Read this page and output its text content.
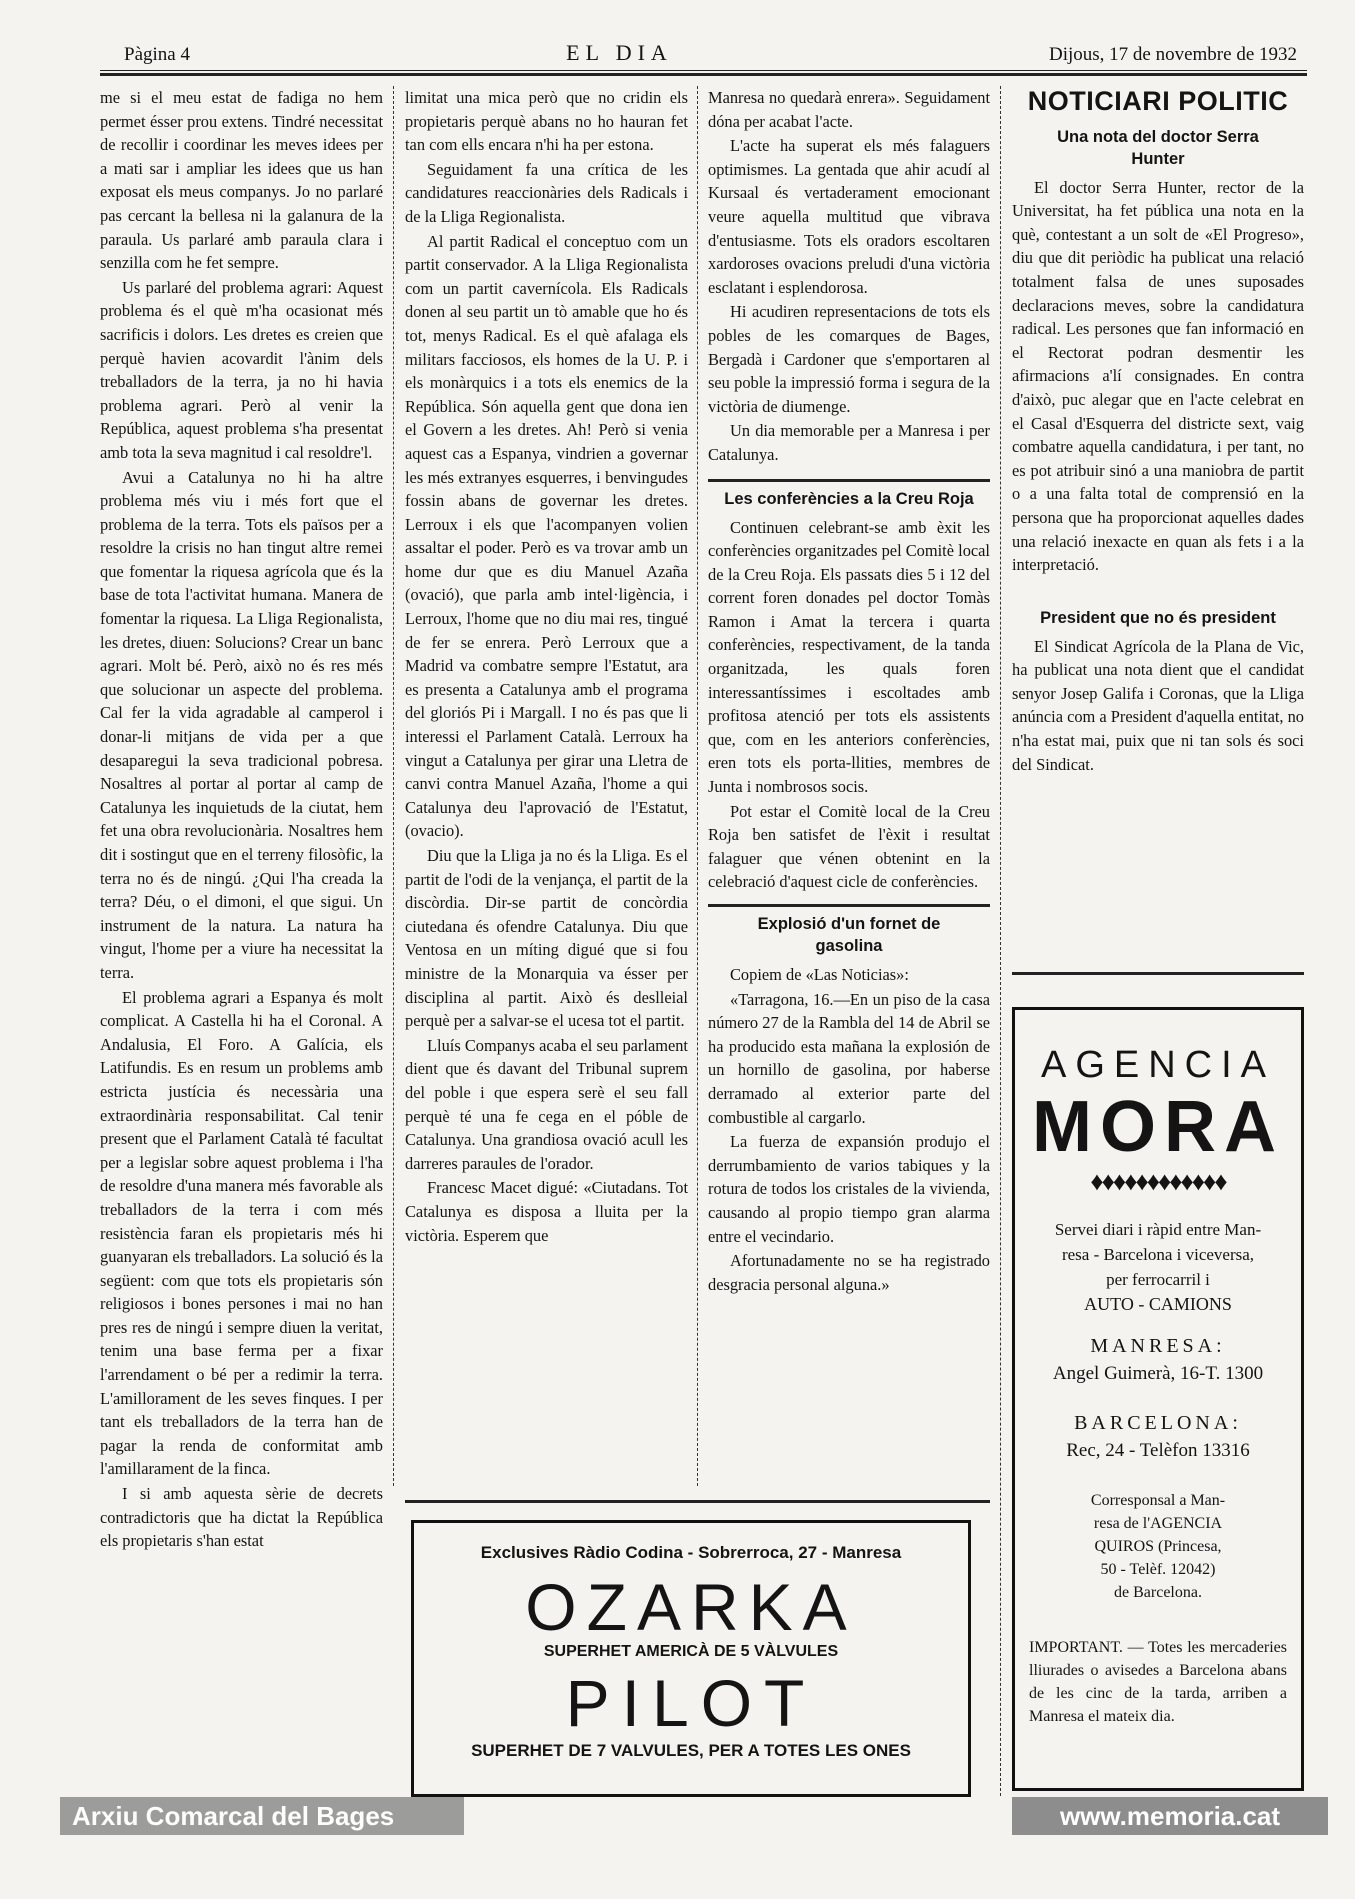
Pàgina 4	EL DIA	Dijous, 17 de novembre de 1932

me si el meu estat de fadiga no hem permet ésser prou extens. Tindré necessitat de recollir i coordinar les meves idees per a mati sar i ampliar les idees que us han exposat els meus companys. Jo no parlaré pas cercant la bellesa ni la galanura de la paraula. Us parlaré amb paraula clara i senzilla com he fet sempre.

Us parlaré del problema agrari: Aquest problema és el què m'ha ocasionat més sacrificis i dolors. Les dretes es creien que perquè havien acovardit l'ànim dels treballadors de la terra, ja no hi havia problema agrari. Però al venir la República, aquest problema s'ha presentat amb tota la seva magnitud i cal resoldre'l.

Avui a Catalunya no hi ha altre problema més viu i més fort que el problema de la terra. Tots els països per a resoldre la crisis no han tingut altre remei que fomentar la riquesa agrícola que és la base de tota l'activitat humana. Manera de fomentar la riquesa. La Lliga Regionalista, les dretes, diuen: Solucions? Crear un banc agrari. Molt bé. Però, això no és res més que solucionar un aspecte del problema. Cal fer la vida agradable al camperol i donar-li mitjans de vida per a que desaparegui la seva tradicional pobresa. Nosaltres al portar al portar al camp de Catalunya les inquietuds de la ciutat, hem fet una obra revolucionària. Nosaltres hem dit i sostingut que en el terreny filosòfic, la terra no és de ningú. ¿Qui l'ha creada la terra? Déu, o el dimoni, el que sigui. Un instrument de la natura. La natura ha vingut, l'home per a viure ha necessitat la terra.

El problema agrari a Espanya és molt complicat. A Castella hi ha el Coronal. A Andalusia, El Foro. A Galícia, els Latifundis. Es en resum un problems amb estricta justícia és necessària una extraordinària responsabilitat. Cal tenir present que el Parlament Català té facultat per a legislar sobre aquest problema i l'ha de resoldre d'una manera més favorable als treballadors de la terra i com més resistència faran els propietaris més hi guanyaran els treballadors. La solució és la següent: com que tots els propietaris són religiosos i bones persones i mai no han pres res de ningú i sempre diuen la veritat, tenim una base ferma per a fixar l'arrendament o bé per a redimir la terra. L'amillorament de les seves finques. I per tant els treballadors de la terra han de pagar la renda de conformitat amb l'amillarament de la finca.

I si amb aquesta sèrie de decrets contradictoris que ha dictat la República els propietaris s'han estat

limitat una mica però que no cridin els propietaris perquè abans no ho hauran fet tan com ells encara n'hi ha per estona.

Seguidament fa una crítica de les candidatures reaccionàries dels Radicals i de la Lliga Regionalista.

Al partit Radical el conceptuo com un partit conservador. A la Lliga Regionalista com un partit cavernícola. Els Radicals donen al seu partit un tò amable que ho és tot, menys Radical. Es el què afalaga els militars facciosos, els homes de la U. P. i els monàrquics i a tots els enemics de la República. Són aquella gent que dona ien el Govern a les dretes. Ah! Però si venia aquest cas a Espanya, vindrien a governar les més extranyes esquerres, i benvingudes fossin abans de governar les dretes. Lerroux i els que l'acompanyen volien assaltar el poder. Però es va trovar amb un home dur que es diu Manuel Azaña (ovació), que parla amb intel·ligència, i Lerroux, l'home que no diu mai res, tingué de fer se enrera. Però Lerroux que a Madrid va combatre sempre l'Estatut, ara es presenta a Catalunya amb el programa del gloriós Pi i Margall. I no és pas que li interessi el Parlament Català. Lerroux ha vingut a Catalunya per girar una Lletra de canvi contra Manuel Azaña, l'home a qui Catalunya deu l'aprovació de l'Estatut, (ovacio).

Diu que la Lliga ja no és la Lliga. Es el partit de l'odi de la venjança, el partit de la discòrdia. Dir-se partit de concòrdia ciutedana és ofendre Catalunya. Diu que Ventosa en un míting digué que si fou ministre de la Monarquia va ésser per disciplina al partit. Això és deslleial perquè per a salvar-se el ucesa tot el partit.

Lluís Companys acaba el seu parlament dient que és davant del Tribunal suprem del poble i que espera serè el seu fall perquè té una fe cega en el póble de Catalunya. Una grandiosa ovació acull les darreres paraules de l'orador.

Francesc Macet digué: «Ciutadans. Tot Catalunya es disposa a lluita per la victòria. Esperem que

Manresa no quedarà enrera». Seguidament dóna per acabat l'acte.

L'acte ha superat els més falaguers optimismes. La gentada que ahir acudí al Kursaal és vertaderament emocionant veure aquella multitud que vibrava d'entusiasme. Tots els oradors escoltaren xardoroses ovacions preludi d'una victòria esclatant i esplendorosa.

Hi acudiren representacions de tots els pobles de les comarques de Bages, Bergadà i Cardoner que s'emportaren al seu poble la impressió forma i segura de la victòria de diumenge.

Un dia memorable per a Manresa i per Catalunya.

Les conferències a la Creu Roja

Continuen celebrant-se amb èxit les conferències organitzades pel Comitè local de la Creu Roja. Els passats dies 5 i 12 del corrent foren donades pel doctor Tomàs Ramon i Amat la tercera i quarta conferències, respectivament, de la tanda organitzada, les quals foren interessantíssimes i escoltades amb profitosa atenció per tots els assistents que, com en les anteriors conferències, eren tots els porta-llities, membres de Junta i nombrosos socis.

Pot estar el Comitè local de la Creu Roja ben satisfet de l'èxit i resultat falaguer que vénen obtenint en la celebració d'aquest cicle de conferències.

Explosió d'un fornet de gasolina

Copiem de «Las Noticias»:

«Tarragona, 16.—En un piso de la casa número 27 de la Rambla del 14 de Abril se ha producido esta mañana la explosión de un hornillo de gasolina, por haberse derramado al exterior parte del combustible al cargarlo.

La fuerza de expansión produjo el derrumbamiento de varios tabiques y la rotura de todos los cristales de la vivienda, causando al propio tiempo gran alarma entre el vecindario.

Afortunadamente no se ha registrado desgracia personal alguna.»

NOTICIARI POLITIC
Una nota del doctor Serra Hunter

El doctor Serra Hunter, rector de la Universitat, ha fet pública una nota en la què, contestant a un solt de «El Progreso», diu que dit periòdic ha publicat una relació totalment falsa de unes suposades declaracions meves, sobre la candidatura radical. Les persones que fan informació en el Rectorat podran desmentir les afirmacions a'lí consignades. En contra d'això, puc alegar que en l'acte celebrat en el Casal d'Esquerra del districte sext, vaig combatre aquella candidatura, i per tant, no es pot atribuir sinó a una maniobra de partit o a una falta total de comprensió en la persona que ha proporcionat aquelles dades una relació inexacte en quan als fets i a la interpretació.

President que no és president

El Sindicat Agrícola de la Plana de Vic, ha publicat una nota dient que el candidat senyor Josep Galifa i Coronas, que la Lliga anúncia com a President d'aquella entitat, no n'ha estat mai, puix que ni tan sols és soci del Sindicat.

AGENCIA
MORA
♦♦♦♦♦♦♦♦♦♦♦♦
Servei diari i ràpid entre Man-
resa - Barcelona i viceversa,
per ferrocarril i
AUTO - CAMIONS
MANRESA:
Angel Guimerà, 16-T. 1300
BARCELONA:
Rec, 24 - Telèfon 13316
Corresponsal a Man-
resa de l'AGENCIA
QUIROS (Princesa,
50 - Telèf. 12042)
de Barcelona.
IMPORTANT. — Totes les mercaderies lliurades o avisedes a Barcelona abans de les cinc de la tarda, arriben a Manresa el mateix dia.
Exclusives Ràdio Codina - Sobrerroca, 27 - Manresa
OZARKA
SUPERHET AMERICÀ DE 5 VÀLVULES
PILOT
SUPERHET DE 7 VALVULES, PER A TOTES LES ONES
Arxiu Comarcal del Bages	www.memoria.cat
